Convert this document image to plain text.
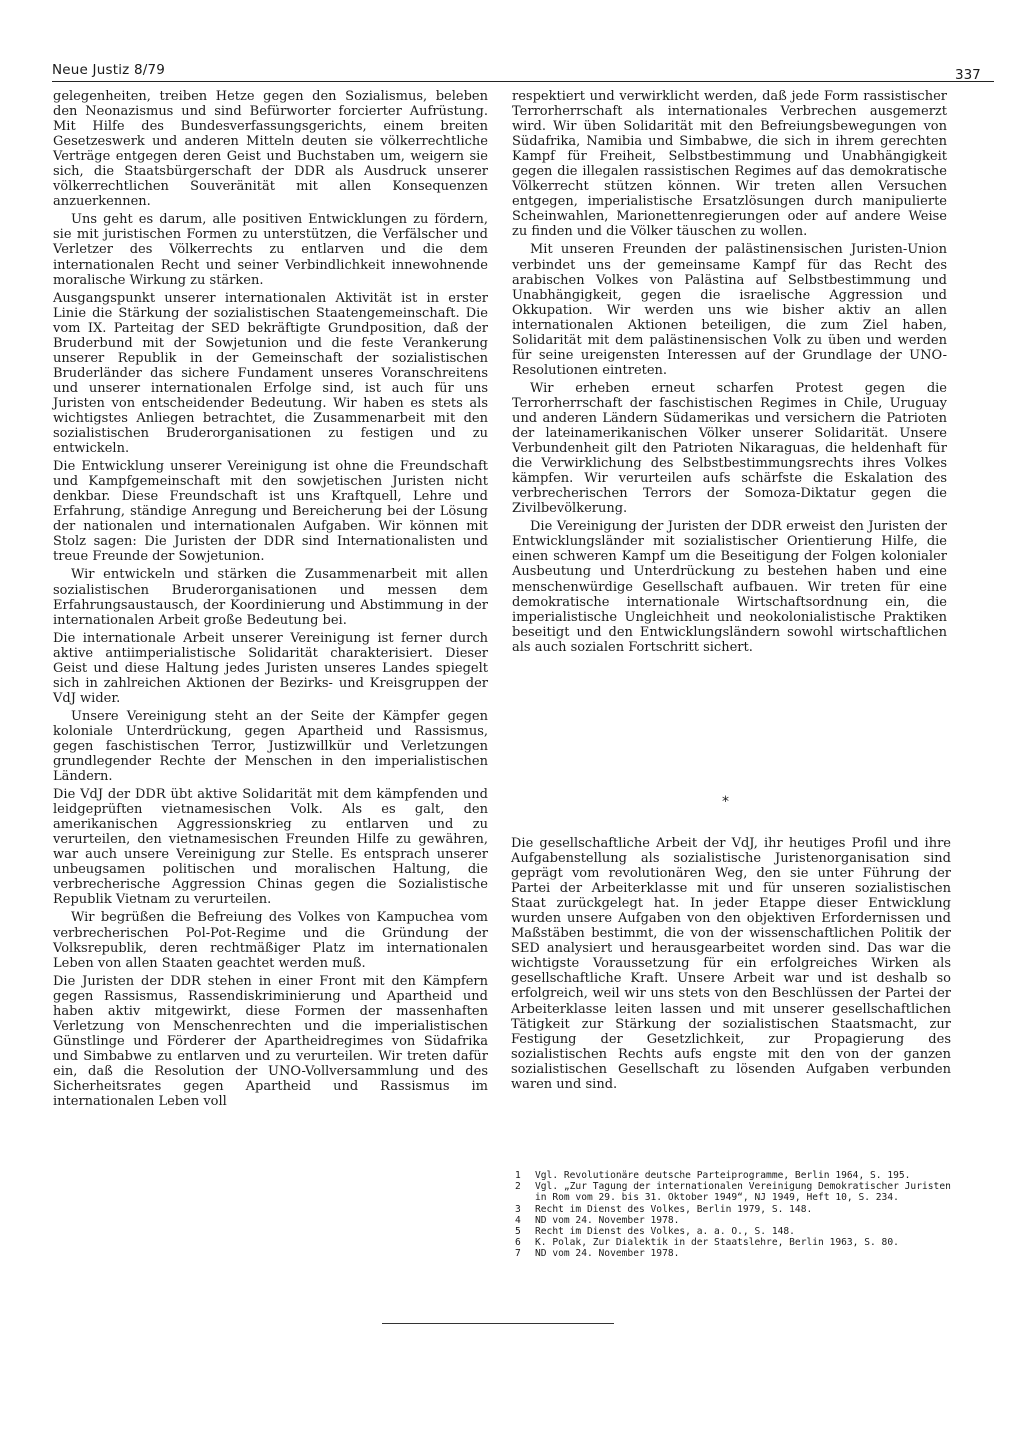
Neue Justiz 8/79	337

gelegenheiten, treiben Hetze gegen den Sozialismus, beleben den Neonazismus und sind Befürworter forcierter Aufrüstung. Mit Hilfe des Bundesverfassungsgerichts, einem breiten Gesetzeswerk und anderen Mitteln deuten sie völkerrechtliche Verträge entgegen deren Geist und Buchstaben um, weigern sie sich, die Staatsbürgerschaft der DDR als Ausdruck unserer völkerrechtlichen Souveränität mit allen Konsequenzen anzuerkennen.

Uns geht es darum, alle positiven Entwicklungen zu fördern, sie mit juristischen Formen zu unterstützen, die Verfälscher und Verletzer des Völkerrechts zu entlarven und die dem internationalen Recht und seiner Verbindlichkeit innewohnende moralische Wirkung zu stärken.

Ausgangspunkt unserer internationalen Aktivität ist in erster Linie die Stärkung der sozialistischen Staatengemeinschaft. Die vom IX. Parteitag der SED bekräftigte Grundposition, daß der Bruderbund mit der Sowjetunion und die feste Verankerung unserer Republik in der Gemeinschaft der sozialistischen Bruderländer das sichere Fundament unseres Voranschreitens und unserer internationalen Erfolge sind, ist auch für uns Juristen von entscheidender Bedeutung. Wir haben es stets als wichtigstes Anliegen betrachtet, die Zusammenarbeit mit den sozialistischen Bruderorganisationen zu festigen und zu entwickeln.

Die Entwicklung unserer Vereinigung ist ohne die Freundschaft und Kampfgemeinschaft mit den sowjetischen Juristen nicht denkbar. Diese Freundschaft ist uns Kraftquell, Lehre und Erfahrung, ständige Anregung und Bereicherung bei der Lösung der nationalen und internationalen Aufgaben. Wir können mit Stolz sagen: Die Juristen der DDR sind Internationalisten und treue Freunde der Sowjetunion.

Wir entwickeln und stärken die Zusammenarbeit mit allen sozialistischen Bruderorganisationen und messen dem Erfahrungsaustausch, der Koordinierung und Abstimmung in der internationalen Arbeit große Bedeutung bei.

Die internationale Arbeit unserer Vereinigung ist ferner durch aktive antiimperialistische Solidarität charakterisiert. Dieser Geist und diese Haltung jedes Juristen unseres Landes spiegelt sich in zahlreichen Aktionen der Bezirks- und Kreisgruppen der VdJ wider.

Unsere Vereinigung steht an der Seite der Kämpfer gegen koloniale Unterdrückung, gegen Apartheid und Rassismus, gegen faschistischen Terror, Justizwillkür und Verletzungen grundlegender Rechte der Menschen in den imperialistischen Ländern.

Die VdJ der DDR übt aktive Solidarität mit dem kämpfenden und leidgeprüften vietnamesischen Volk. Als es galt, den amerikanischen Aggressionskrieg zu entlarven und zu verurteilen, den vietnamesischen Freunden Hilfe zu gewähren, war auch unsere Vereinigung zur Stelle. Es entsprach unserer unbeugsamen politischen und moralischen Haltung, die verbrecherische Aggression Chinas gegen die Sozialistische Republik Vietnam zu verurteilen.

Wir begrüßen die Befreiung des Volkes von Kampuchea vom verbrecherischen Pol-Pot-Regime und die Gründung der Volksrepublik, deren rechtmäßiger Platz im internationalen Leben von allen Staaten geachtet werden muß.

Die Juristen der DDR stehen in einer Front mit den Kämpfern gegen Rassismus, Rassendiskriminierung und Apartheid und haben aktiv mitgewirkt, diese Formen der massenhaften Verletzung von Menschenrechten und die imperialistischen Günstlinge und Förderer der Apartheidregimes von Südafrika und Simbabwe zu entlarven und zu verurteilen. Wir treten dafür ein, daß die Resolution der UNO-Vollversammlung und des Sicherheitsrates gegen Apartheid und Rassismus im internationalen Leben voll

respektiert und verwirklicht werden, daß jede Form rassistischer Terrorherrschaft als internationales Verbrechen ausgemerzt wird. Wir üben Solidarität mit den Befreiungsbewegungen von Südafrika, Namibia und Simbabwe, die sich in ihrem gerechten Kampf für Freiheit, Selbstbestimmung und Unabhängigkeit gegen die illegalen rassistischen Regimes auf das demokratische Völkerrecht stützen können. Wir treten allen Versuchen entgegen, imperialistische Ersatzlösungen durch manipulierte Scheinwahlen, Marionettenregierungen oder auf andere Weise zu finden und die Völker täuschen zu wollen.

Mit unseren Freunden der palästinensischen Juristen-Union verbindet uns der gemeinsame Kampf für das Recht des arabischen Volkes von Palästina auf Selbstbestimmung und Unabhängigkeit, gegen die israelische Aggression und Okkupation. Wir werden uns wie bisher aktiv an allen internationalen Aktionen beteiligen, die zum Ziel haben, Solidarität mit dem palästinensischen Volk zu üben und werden für seine ureigensten Interessen auf der Grundlage der UNO-Resolutionen eintreten.

Wir erheben erneut scharfen Protest gegen die Terrorherrschaft der faschistischen Regimes in Chile, Uruguay und anderen Ländern Südamerikas und versichern die Patrioten der lateinamerikanischen Völker unserer Solidarität. Unsere Verbundenheit gilt den Patrioten Nikaraguas, die heldenhaft für die Verwirklichung des Selbstbestimmungsrechts ihres Volkes kämpfen. Wir verurteilen aufs schärfste die Eskalation des verbrecherischen Terrors der Somoza-Diktatur gegen die Zivilbevölkerung.

Die Vereinigung der Juristen der DDR erweist den Juristen der Entwicklungsländer mit sozialistischer Orientierung Hilfe, die einen schweren Kampf um die Beseitigung der Folgen kolonialer Ausbeutung und Unterdrückung zu bestehen haben und eine menschenwürdige Gesellschaft aufbauen. Wir treten für eine demokratische internationale Wirtschaftsordnung ein, die imperialistische Ungleichheit und neokolonialistische Praktiken beseitigt und den Entwicklungsländern sowohl wirtschaftlichen als auch sozialen Fortschritt sichert.

*

Die gesellschaftliche Arbeit der VdJ, ihr heutiges Profil und ihre Aufgabenstellung als sozialistische Juristenorganisation sind geprägt vom revolutionären Weg, den sie unter Führung der Partei der Arbeiterklasse mit und für unseren sozialistischen Staat zurückgelegt hat. In jeder Etappe dieser Entwicklung wurden unsere Aufgaben von den objektiven Erfordernissen und Maßstäben bestimmt, die von der wissenschaftlichen Politik der SED analysiert und herausgearbeitet worden sind. Das war die wichtigste Voraussetzung für ein erfolgreiches Wirken als gesellschaftliche Kraft. Unsere Arbeit war und ist deshalb so erfolgreich, weil wir uns stets von den Beschlüssen der Partei der Arbeiterklasse leiten lassen und mit unserer gesellschaftlichen Tätigkeit zur Stärkung der sozialistischen Staatsmacht, zur Festigung der Gesetzlichkeit, zur Propagierung des sozialistischen Rechts aufs engste mit den von der ganzen sozialistischen Gesellschaft zu lösenden Aufgaben verbunden waren und sind.

1	Vgl. Revolutionäre deutsche Parteiprogramme, Berlin 1964, S. 195.
2	Vgl. „Zur Tagung der internationalen Vereinigung Demokratischer Juristen in Rom vom 29. bis 31. Oktober 1949“, NJ 1949, Heft 10, S. 234.
3	Recht im Dienst des Volkes, Berlin 1979, S. 148.
4	ND vom 24. November 1978.
5	Recht im Dienst des Volkes, a. a. O., S. 148.
6	K. Polak, Zur Dialektik in der Staatslehre, Berlin 1963, S. 80.
7	ND vom 24. November 1978.
